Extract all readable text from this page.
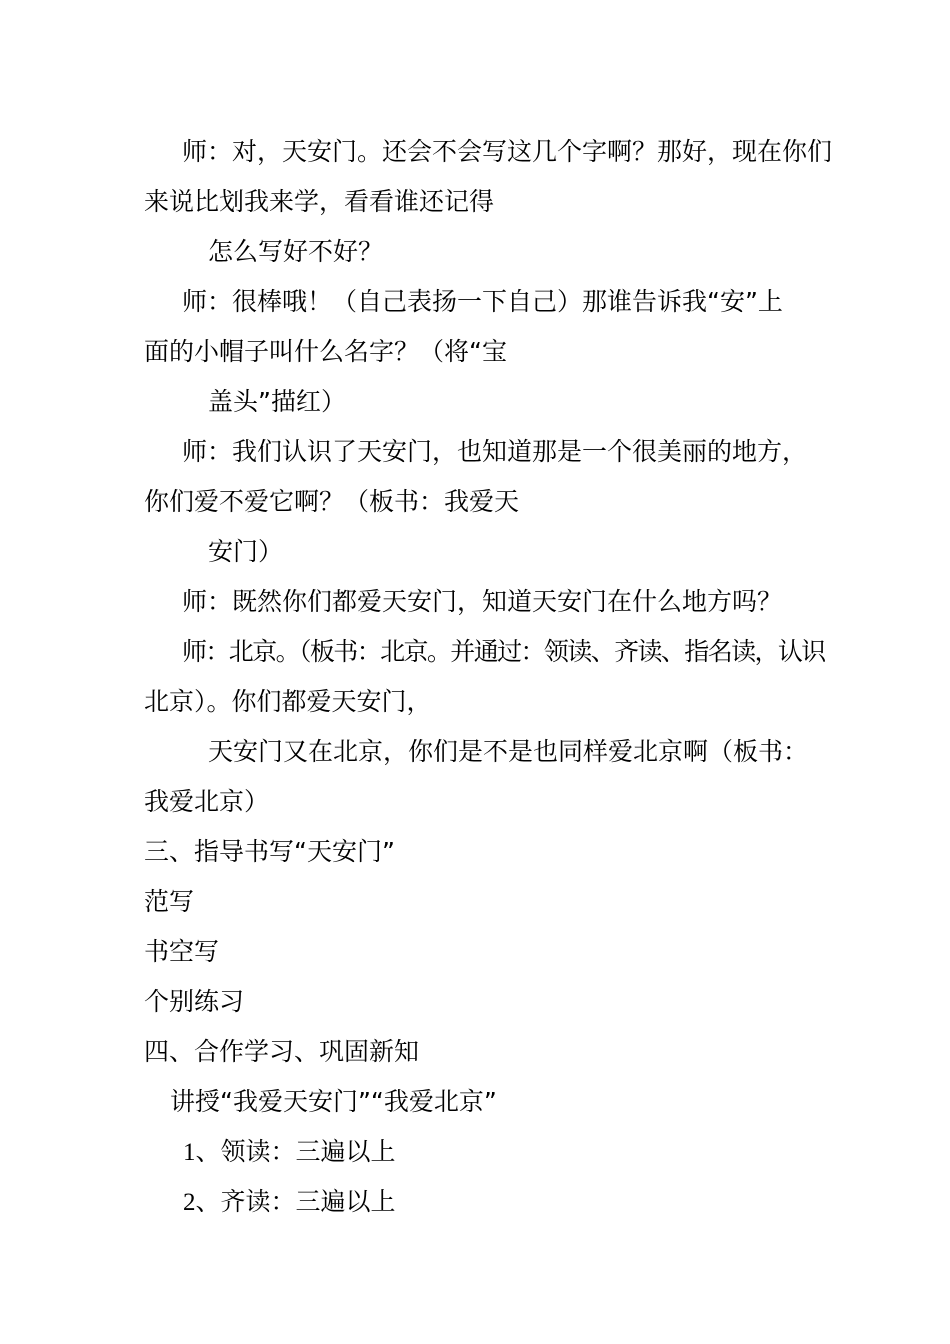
师：对，天安门。还会不会写这几个字啊？那好，现在你们
来说比划我来学，看看谁还记得
怎么写好不好？
师：很棒哦！（自己表扬一下自己）那谁告诉我“安”上
面的小帽子叫什么名字？（将“宝
盖头”描红）
师：我们认识了天安门，也知道那是一个很美丽的地方，
你们爱不爱它啊？（板书：我爱天
安门）
师：既然你们都爱天安门，知道天安门在什么地方吗？
师：北京。（板书：北京。并通过：领读、齐读、指名读，认识
北京）。你们都爱天安门，
天安门又在北京，你们是不是也同样爱北京啊（板书：
我爱北京）
三、指导书写“天安门”
范写
书空写
个别练习
四、合作学习、巩固新知
讲授“我爱天安门”“我爱北京”
1、领读：三遍以上
2、齐读：三遍以上
